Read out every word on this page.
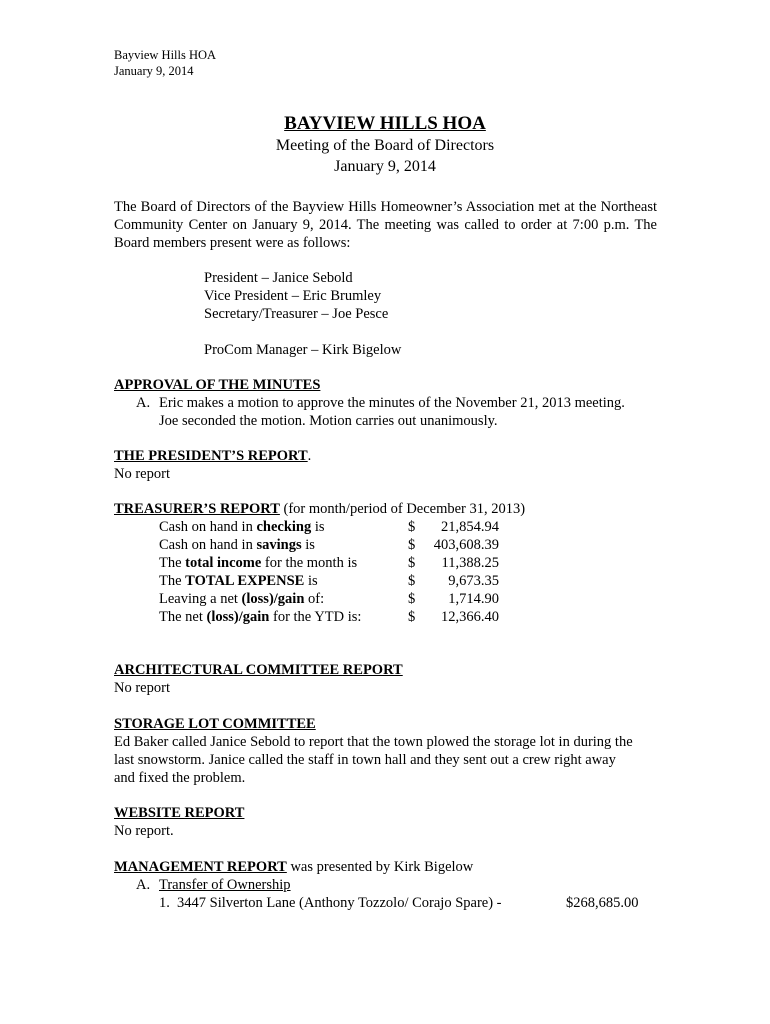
Bayview Hills HOA
January 9, 2014
BAYVIEW HILLS HOA
Meeting of the Board of Directors
January 9, 2014
The Board of Directors of the Bayview Hills Homeowner’s Association met at the Northeast Community Center on January 9, 2014. The meeting was called to order at 7:00 p.m. The Board members present were as follows:
President – Janice Sebold
Vice President – Eric Brumley
Secretary/Treasurer – Joe Pesce
ProCom Manager – Kirk Bigelow
APPROVAL OF THE MINUTES
A. Eric makes a motion to approve the minutes of the November 21, 2013 meeting.
Joe seconded the motion. Motion carries out unanimously.
THE PRESIDENT’S REPORT.
No report
TREASURER’S REPORT (for month/period of December 31, 2013)
Cash on hand in checking is	$ 21,854.94
Cash on hand in savings is	$ 403,608.39
The total income for the month is	$ 11,388.25
The TOTAL EXPENSE is	$ 9,673.35
Leaving a net (loss)/gain of:	$ 1,714.90
The net (loss)/gain for the YTD is:	$ 12,366.40
ARCHITECTURAL COMMITTEE REPORT
No report
STORAGE LOT COMMITTEE
Ed Baker called Janice Sebold to report that the town plowed the storage lot in during the
last snowstorm. Janice called the staff in town hall and they sent out a crew right away
and fixed the problem.
WEBSITE REPORT
No report.
MANAGEMENT REPORT was presented by Kirk Bigelow
A. Transfer of Ownership
1. 3447 Silverton Lane (Anthony Tozzolo/ Corajo Spare) -	$268,685.00
